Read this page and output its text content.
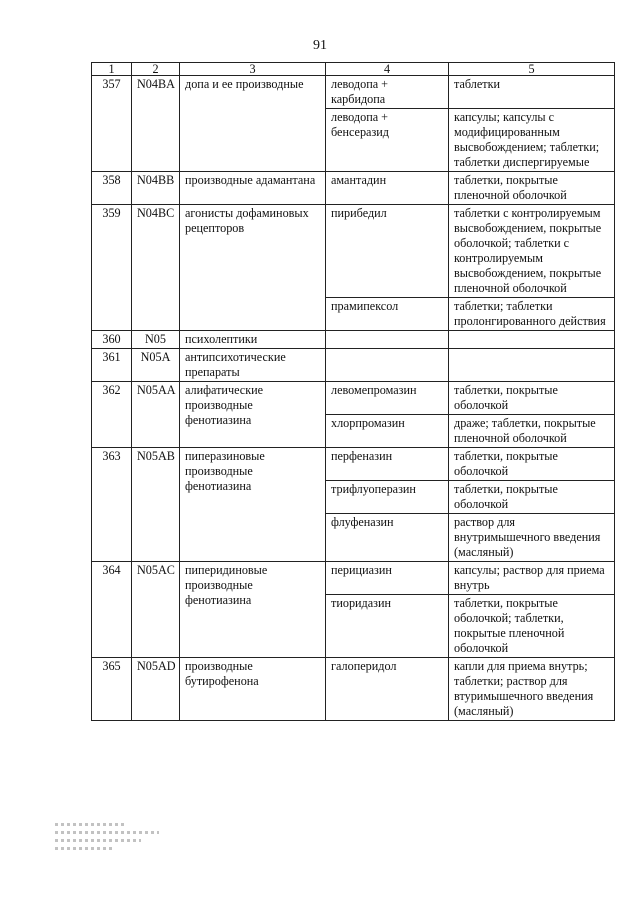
91
1	2	3	4	5
357	N04BA	допа и ее производные	леводопа + карбидопа	таблетки
			леводопа + бенсеразид	капсулы; капсулы с модифицированным высвобождением; таблетки; таблетки диспергируемые
358	N04BB	производные адамантана	амантадин	таблетки, покрытые пленочной оболочкой
359	N04BC	агонисты дофаминовых рецепторов	пирибедил	таблетки с контролируемым высвобождением, покрытые оболочкой; таблетки с контролируемым высвобождением, покрытые пленочной оболочкой
			прамипексол	таблетки; таблетки пролонгированного действия
360	N05	психолептики		
361	N05A	антипсихотические препараты		
362	N05AA	алифатические производные фенотиазина	левомепромазин	таблетки, покрытые оболочкой
			хлорпромазин	драже; таблетки, покрытые пленочной оболочкой
363	N05AB	пиперазиновые производные фенотиазина	перфеназин	таблетки, покрытые оболочкой
			трифлуоперазин	таблетки, покрытые оболочкой
			флуфеназин	раствор для внутримышечного введения (масляный)
364	N05AC	пиперидиновые производные фенотиазина	перициазин	капсулы; раствор для приема внутрь
			тиоридазин	таблетки, покрытые оболочкой; таблетки, покрытые пленочной оболочкой
365	N05AD	производные бутирофенона	галоперидол	капли для приема внутрь; таблетки; раствор для втуримышечного введения (масляный)
